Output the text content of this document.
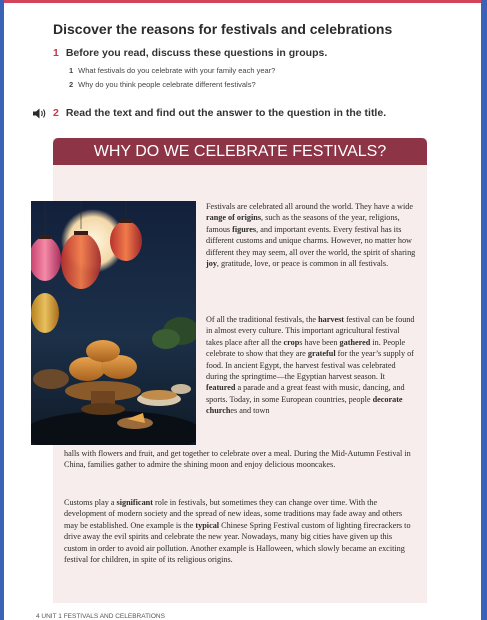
Discover the reasons for festivals and celebrations
1 Before you read, discuss these questions in groups.
1 What festivals do you celebrate with your family each year?
2 Why do you think people celebrate different festivals?
2 Read the text and find out the answer to the question in the title.
WHY DO WE CELEBRATE FESTIVALS?

Festivals are celebrated all around the world. They have a wide range of origins, such as the seasons of the year, religions, famous figures, and important events. Every festival has its different customs and unique charms. However, no matter how different they may seem, all over the world, the spirit of sharing joy, gratitude, love, or peace is common in all festivals.

Of all the traditional festivals, the harvest festival can be found in almost every culture. This important agricultural festival takes place after all the crops have been gathered in. People celebrate to show that they are grateful for the year’s supply of food. In ancient Egypt, the harvest festival was celebrated during the springtime—the Egyptian harvest season. It featured a parade and a great feast with music, dancing, and sports. Today, in some European countries, people decorate churches and town

halls with flowers and fruit, and get together to celebrate over a meal. During the Mid-Autumn Festival in China, families gather to admire the shining moon and enjoy delicious mooncakes.

Customs play a significant role in festivals, but sometimes they can change over time. With the development of modern society and the spread of new ideas, some traditions may fade away and others may be established. One example is the typical Chinese Spring Festival custom of lighting firecrackers to drive away the evil spirits and celebrate the new year. Nowadays, many big cities have given up this custom in order to avoid air pollution. Another example is Halloween, which slowly became an exciting festival for children, in spite of its religious origins.

4 UNIT 1 FESTIVALS AND CELEBRATIONS
